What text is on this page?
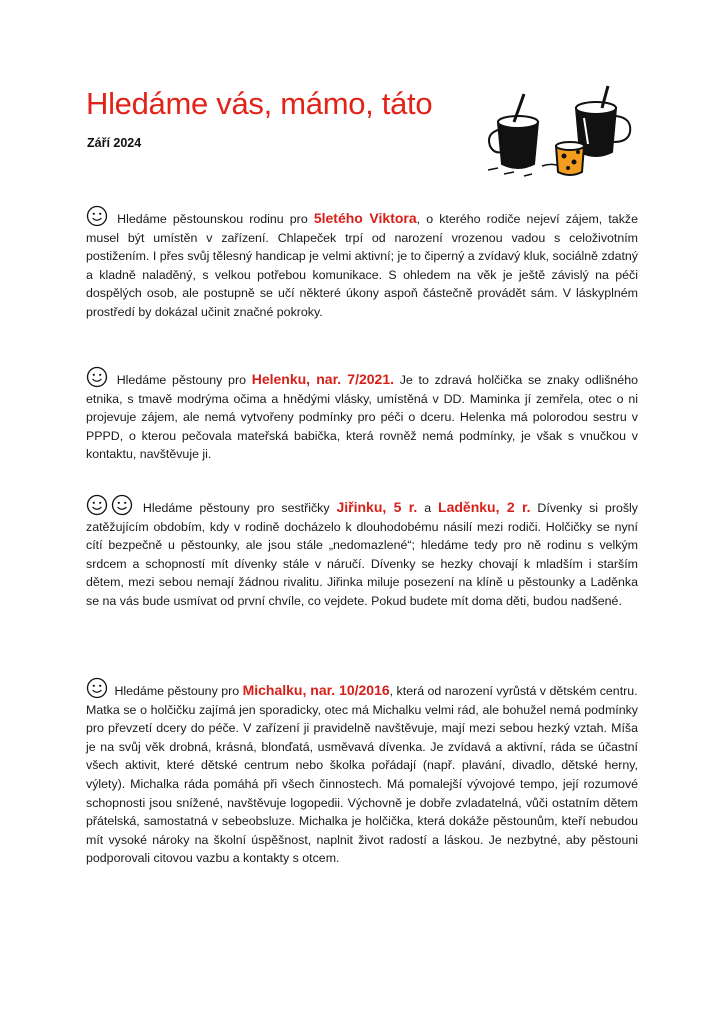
Hledáme vás, mámo, táto
Září 2024

Hledáme pěstounskou rodinu pro 5letého Viktora, o kterého rodiče nejeví zájem, takže musel být umístěn v zařízení. Chlapeček trpí od narození vrozenou vadou s celoživotním postižením. I přes svůj tělesný handicap je velmi aktivní; je to čiperný a zvídavý kluk, sociálně zdatný a kladně naladěný, s velkou potřebou komunikace. S ohledem na věk je ještě závislý na péči dospělých osob, ale postupně se učí některé úkony aspoň částečně provádět sám. V láskyplném prostředí by dokázal učinit značné pokroky.

Hledáme pěstouny pro Helenku, nar. 7/2021. Je to zdravá holčička se znaky odlišného etnika, s tmavě modrýma očima a hnědými vlásky, umístěná v DD. Maminka jí zemřela, otec o ni projevuje zájem, ale nemá vytvořeny podmínky pro péči o dceru. Helenka má polorodou sestru v PPPD, o kterou pečovala mateřská babička, která rovněž nemá podmínky, je však s vnučkou v kontaktu, navštěvuje ji.

Hledáme pěstouny pro sestřičky Jiřinku, 5 r. a Laděnku, 2 r. Dívenky si prošly zatěžujícím obdobím, kdy v rodině docházelo k dlouhodobému násilí mezi rodiči. Holčičky se nyní cítí bezpečně u pěstounky, ale jsou stále „nedomazlené“; hledáme tedy pro ně rodinu s velkým srdcem a schopností mít dívenky stále v náručí. Dívenky se hezky chovají k mladším i starším dětem, mezi sebou nemají žádnou rivalitu. Jiřinka miluje posezení na klíně u pěstounky a Laděnka se na vás bude usmívat od první chvíle, co vejdete. Pokud budete mít doma děti, budou nadšené.

Hledáme pěstouny pro Michalku, nar. 10/2016, která od narození vyrůstá v dětském centru.
Matka se o holčičku zajímá jen sporadicky, otec má Michalku velmi rád, ale bohužel nemá podmínky pro převzetí dcery do péče. V zařízení ji pravidelně navštěvuje, mají mezi sebou hezký vztah. Míša je na svůj věk drobná, krásná, blonďatá, usměvavá dívenka. Je zvídavá a aktivní, ráda se účastní všech aktivit, které dětské centrum nebo školka pořádají (např. plavání, divadlo, dětské herny, výlety). Michalka ráda pomáhá při všech činnostech. Má pomalejší vývojové tempo, její rozumové schopnosti jsou snížené, navštěvuje logopedii. Výchovně je dobře zvladatelná, vůči ostatním dětem přátelská, samostatná v sebeobsluze. Michalka je holčička, která dokáže pěstounům, kteří nebudou mít vysoké nároky na školní úspěšnost, naplnit život radostí a láskou. Je nezbytné, aby pěstouni podporovali citovou vazbu a kontakty s otcem.
